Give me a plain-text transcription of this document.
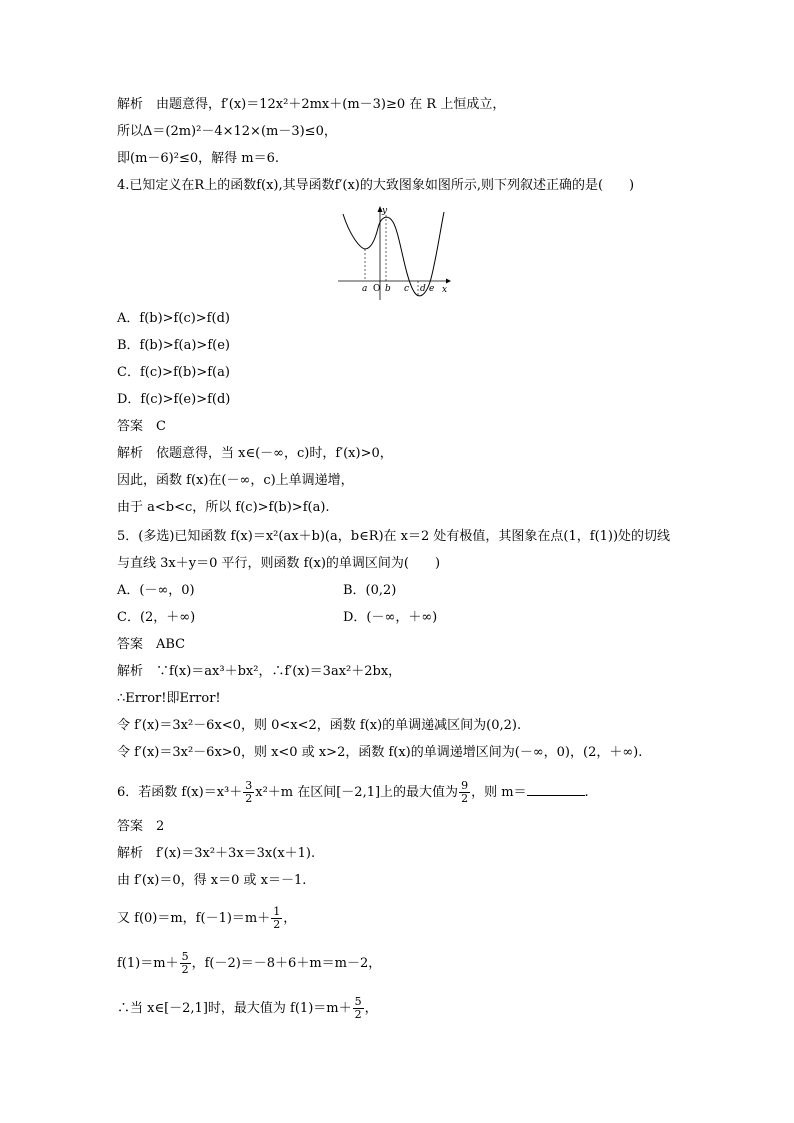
解析　由题意得，f′(x)＝12x²＋2mx＋(m－3)≥0 在 R 上恒成立，
所以Δ＝(2m)²－4×12×(m－3)≤0，
即(m－6)²≤0，解得 m＝6.
4.已知定义在R上的函数f(x),其导函数f′(x)的大致图象如图所示,则下列叙述正确的是(　　)
y
x
O
a b c d e
A．f(b)>f(c)>f(d)
B．f(b)>f(a)>f(e)
C．f(c)>f(b)>f(a)
D．f(c)>f(e)>f(d)
答案　C
解析　依题意得，当 x∈(－∞，c)时，f′(x)>0，
因此，函数 f(x)在(－∞，c)上单调递增，
由于 a<b<c，所以 f(c)>f(b)>f(a).
5．(多选)已知函数 f(x)＝x²(ax＋b)(a，b∈R)在 x＝2 处有极值，其图象在点(1，f(1))处的切线
与直线 3x＋y＝0 平行，则函数 f(x)的单调区间为(　　)
A．(－∞，0)	B．(0,2)
C．(2，＋∞)	D．(－∞，＋∞)
答案　ABC
解析　∵f(x)＝ax³＋bx²，∴f′(x)＝3ax²＋2bx，
∴Error!即Error!
令 f′(x)＝3x²－6x<0，则 0<x<2，函数 f(x)的单调递减区间为(0,2).
令 f′(x)＝3x²－6x>0，则 x<0 或 x>2，函数 f(x)的单调递增区间为(－∞，0)，(2，＋∞).
6．若函数 $f(x)=x^3+ \frac{3}{2} x^2+m$ 在区间[－2,1]上的最大值为 $\frac{9}{2}$ ，则 m＝	.
答案　2
解析　f′(x)＝3x²＋3x＝3x(x＋1).
由 f′(x)＝0，得 x＝0 或 x＝－1.
又 f(0)＝m，$f(-1)=m+ \frac{1}{2}$ ，
$f(1)=m+ \frac{5}{2}$ ，f(－2)＝－8＋6＋m＝m－2，
∴当 x∈[－2,1]时，最大值为 $f(1)=m+ \frac{5}{2}$ ，
